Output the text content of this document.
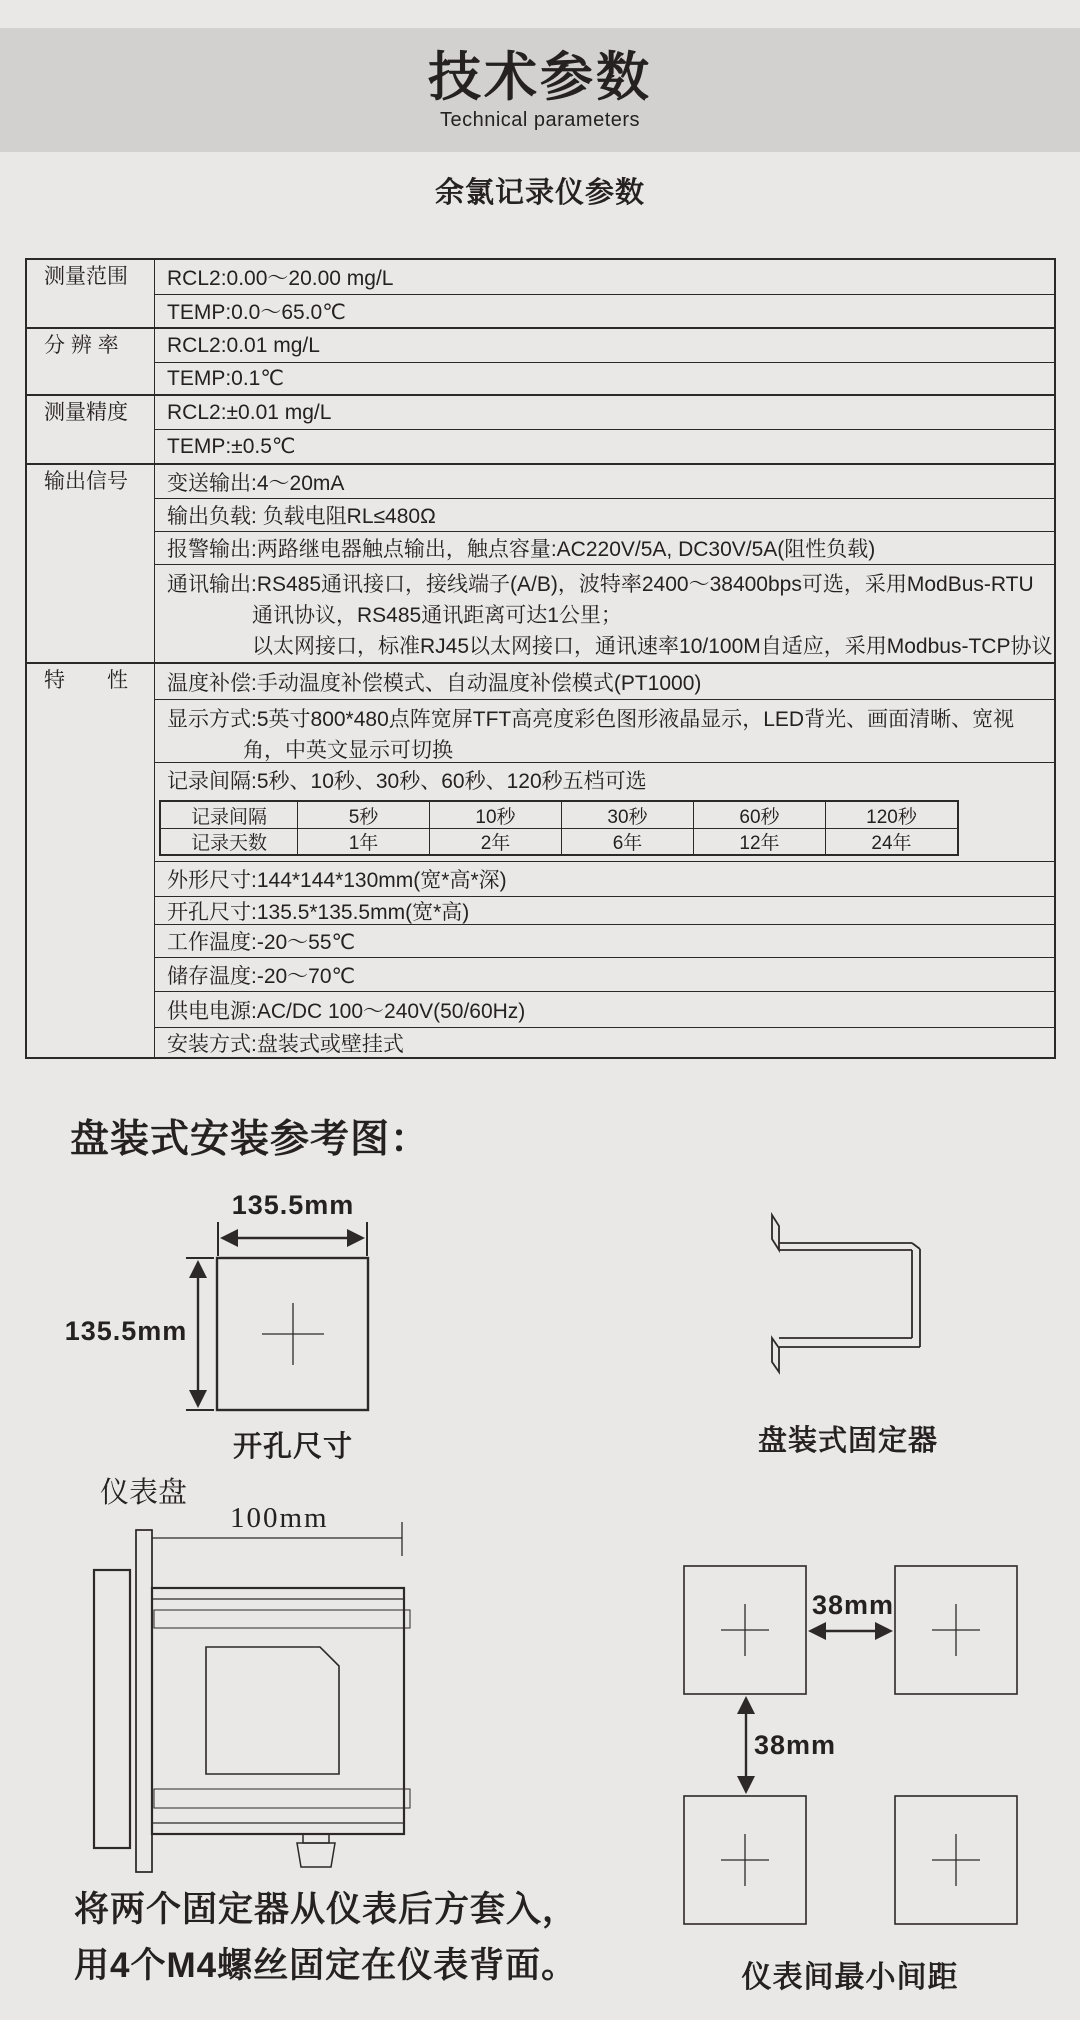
技术参数
Technical parameters
余氯记录仪参数
测量范围	RCL2:0.00～20.00 mg/L
TEMP:0.0～65.0℃
分 辨 率	RCL2:0.01 mg/L
TEMP:0.1℃
测量精度	RCL2:±0.01 mg/L
TEMP:±0.5℃
输出信号	变送输出:4～20mA
输出负载: 负载电阻RL≤480Ω
报警输出:两路继电器触点输出，触点容量:AC220V/5A, DC30V/5A(阻性负载)
通讯输出:RS485通讯接口，接线端子(A/B)，波特率2400～38400bps可选，采用ModBus-RTU
通讯协议，RS485通讯距离可达1公里；
以太网接口，标准RJ45以太网接口，通讯速率10/100M自适应，采用Modbus-TCP协议
特　　性	温度补偿:手动温度补偿模式、自动温度补偿模式(PT1000)
显示方式:5英寸800*480点阵宽屏TFT高亮度彩色图形液晶显示，LED背光、画面清晰、宽视
角，中英文显示可切换
记录间隔:5秒、10秒、30秒、60秒、120秒五档可选
记录间隔	5秒	10秒	30秒	60秒	120秒
记录天数	1年	2年	6年	12年	24年
外形尺寸:144*144*130mm(宽*高*深)
开孔尺寸:135.5*135.5mm(宽*高)
工作温度:-20～55℃
储存温度:-20～70℃
供电电源:AC/DC 100～240V(50/60Hz)
安装方式:盘装式或壁挂式
盘装式安装参考图：
135.5mm
135.5mm
开孔尺寸	盘装式固定器
仪表盘
100mm
38mm
38mm
仪表间最小间距
将两个固定器从仪表后方套入，
用4个M4螺丝固定在仪表背面。
